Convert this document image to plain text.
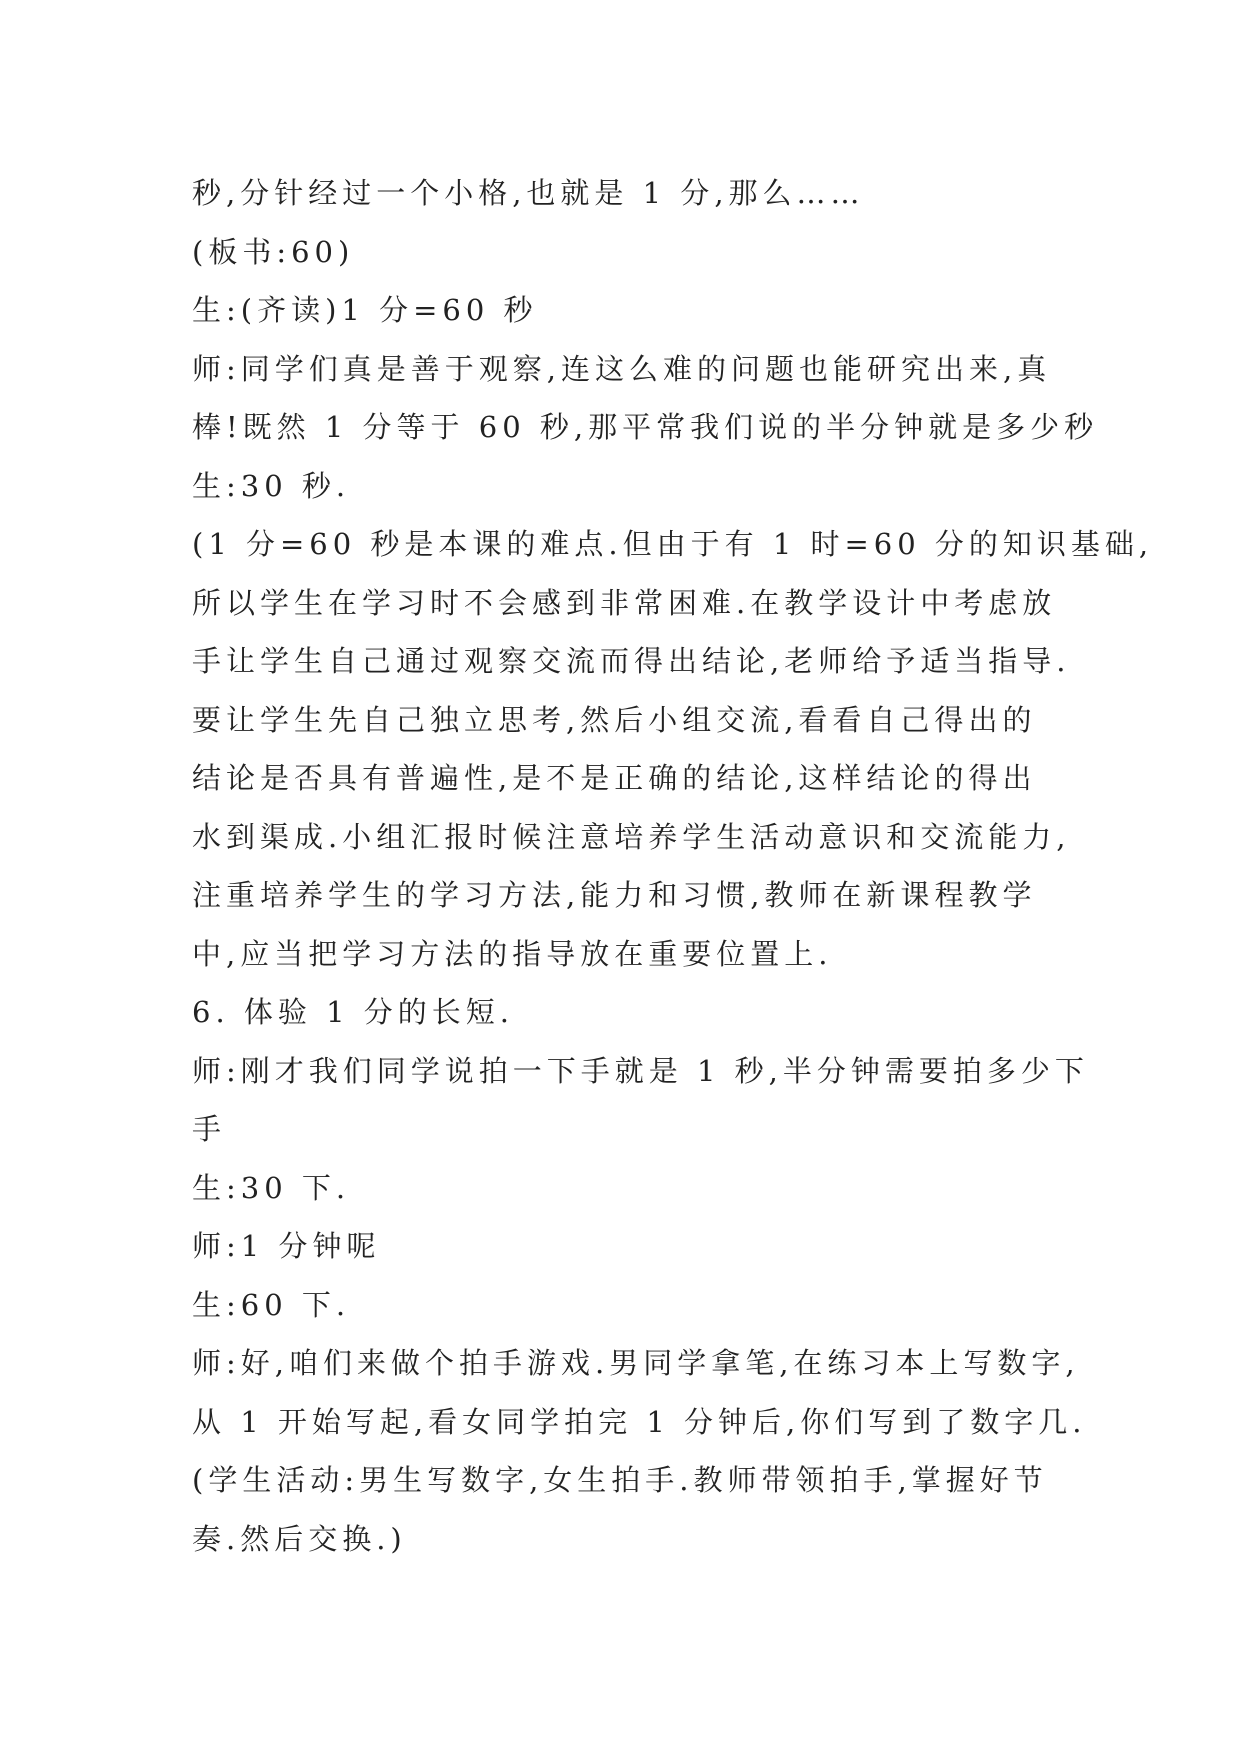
秒,分针经过一个小格,也就是 1 分,那么……
(板书:60)
生:(齐读)1 分=60 秒
师:同学们真是善于观察,连这么难的问题也能研究出来,真
棒!既然 1 分等于 60 秒,那平常我们说的半分钟就是多少秒
生:30 秒.
(1 分=60 秒是本课的难点.但由于有 1 时=60 分的知识基础,
所以学生在学习时不会感到非常困难.在教学设计中考虑放
手让学生自己通过观察交流而得出结论,老师给予适当指导.
要让学生先自己独立思考,然后小组交流,看看自己得出的
结论是否具有普遍性,是不是正确的结论,这样结论的得出
水到渠成.小组汇报时候注意培养学生活动意识和交流能力,
注重培养学生的学习方法,能力和习惯,教师在新课程教学
中,应当把学习方法的指导放在重要位置上.
6. 体验 1 分的长短.
师:刚才我们同学说拍一下手就是 1 秒,半分钟需要拍多少下
手
生:30 下.
师:1 分钟呢
生:60 下.
师:好,咱们来做个拍手游戏.男同学拿笔,在练习本上写数字,
从 1 开始写起,看女同学拍完 1 分钟后,你们写到了数字几.
(学生活动:男生写数字,女生拍手.教师带领拍手,掌握好节
奏.然后交换.)
